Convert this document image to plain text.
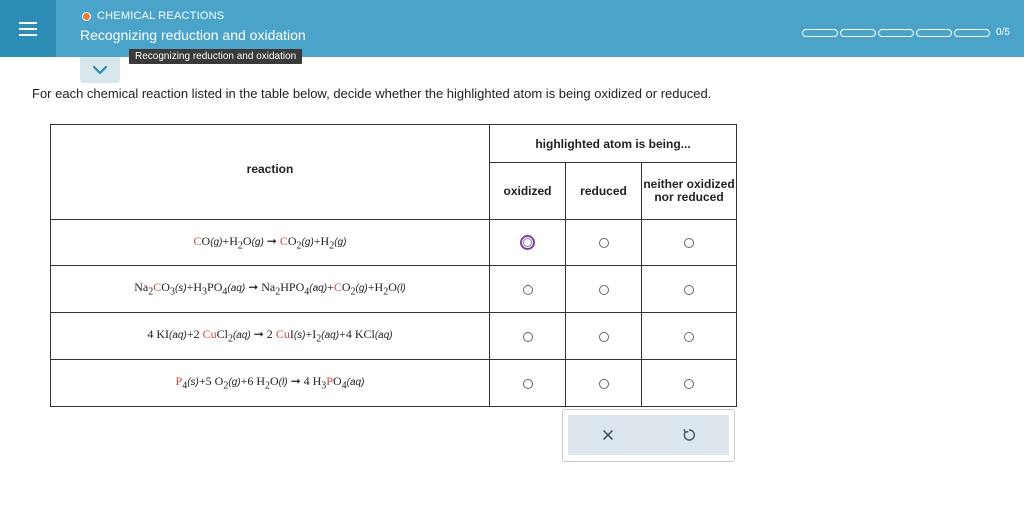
CHEMICAL REACTIONS
Recognizing reduction and oxidation	0/5
Recognizing reduction and oxidation
For each chemical reaction listed in the table below, decide whether the highlighted atom is being oxidized or reduced.
reaction	highlighted atom is being...		
	oxidized	reduced	neither oxidized nor reduced
$CO(g)+H_2O(g)$ ➞ $CO_2(g)+H_2(g)$			
$Na_2CO_3(s)+H_3PO_4(aq)$ ➞ $Na_2HPO_4(aq)+CO_2(g)+H_2O(l)$			
4 KI(aq)+2 CuCl$_2$(aq) ➞ 2 $CuI(s)+I_2(aq)+4$ KCl(aq)			
$P_4(s)+5$ $O_2(g)+6$ $H_2O(l)$ ➞ 4 $H_3PO_4(aq)$			
